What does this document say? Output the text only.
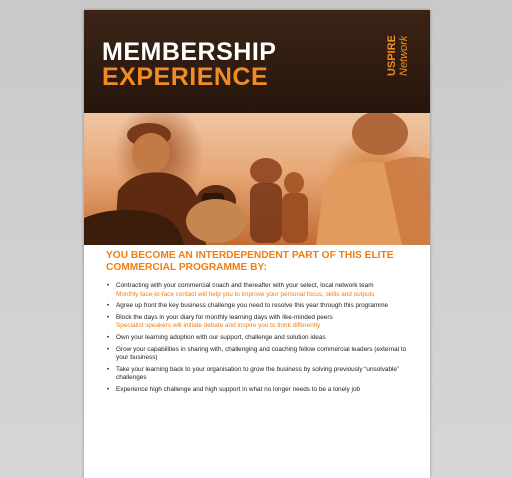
MEMBERSHIP
EXPERIENCE
USPIRE Network
YOU BECOME AN INTERDEPENDENT PART OF THIS ELITE
COMMERCIAL PROGRAMME BY:
• Contracting with your commercial coach and thereafter with your select, local network team
Monthly face-to-face contact will help you to improve your personal focus, skills and outputs
• Agree up front the key business challenge you need to resolve this year through this programme
• Block the days in your diary for monthly learning days with like-minded peers
Specialist speakers will initiate debate and inspire you to think differently
• Own your learning adoption with our support, challenge and solution ideas
• Grow your capabilities in sharing with, challenging and coaching fellow commercial leaders (external to your business)
• Take your learning back to your organisation to grow the business by solving previously “unsolvable” challenges
• Experience high challenge and high support in what no longer needs to be a lonely job
